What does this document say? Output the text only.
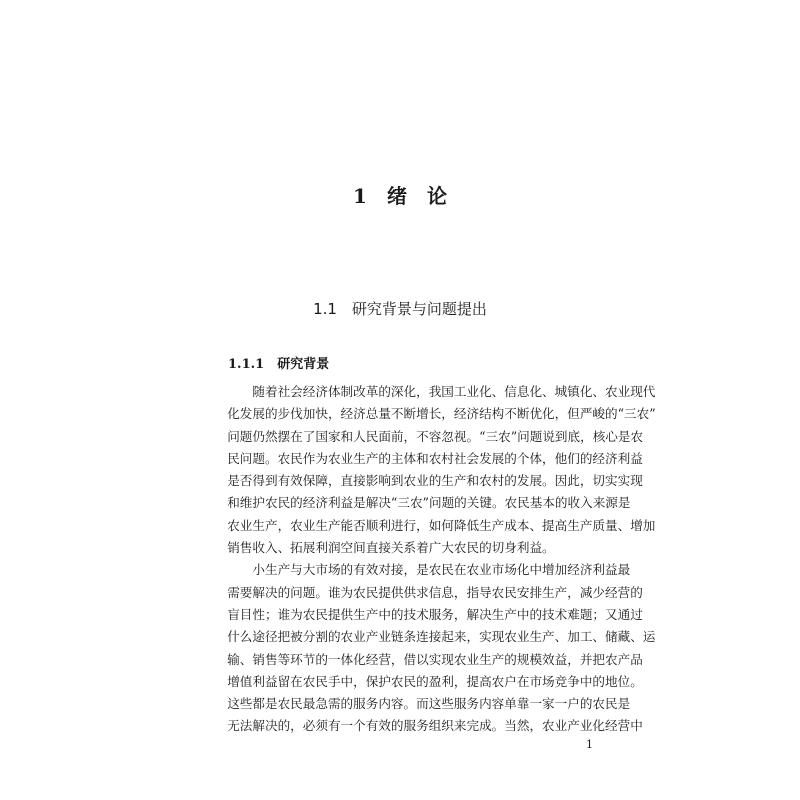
1　绪　论
1.1　研究背景与问题提出
1.1.1　研究背景
　　随着社会经济体制改革的深化，我国工业化、信息化、城镇化、农业现代
化发展的步伐加快，经济总量不断增长，经济结构不断优化，但严峻的“三农”
问题仍然摆在了国家和人民面前，不容忽视。“三农”问题说到底，核心是农
民问题。农民作为农业生产的主体和农村社会发展的个体，他们的经济利益
是否得到有效保障，直接影响到农业的生产和农村的发展。因此，切实实现
和维护农民的经济利益是解决“三农”问题的关键。农民基本的收入来源是
农业生产，农业生产能否顺利进行，如何降低生产成本、提高生产质量、增加
销售收入、拓展利润空间直接关系着广大农民的切身利益。
　　小生产与大市场的有效对接，是农民在农业市场化中增加经济利益最
需要解决的问题。谁为农民提供供求信息，指导农民安排生产，减少经营的
盲目性；谁为农民提供生产中的技术服务，解决生产中的技术难题；又通过
什么途径把被分割的农业产业链条连接起来，实现农业生产、加工、储藏、运
输、销售等环节的一体化经营，借以实现农业生产的规模效益，并把农产品
增值利益留在农民手中，保护农民的盈利，提高农户在市场竞争中的地位。
这些都是农民最急需的服务内容。而这些服务内容单靠一家一户的农民是
无法解决的，必须有一个有效的服务组织来完成。当然，农业产业化经营中
1
